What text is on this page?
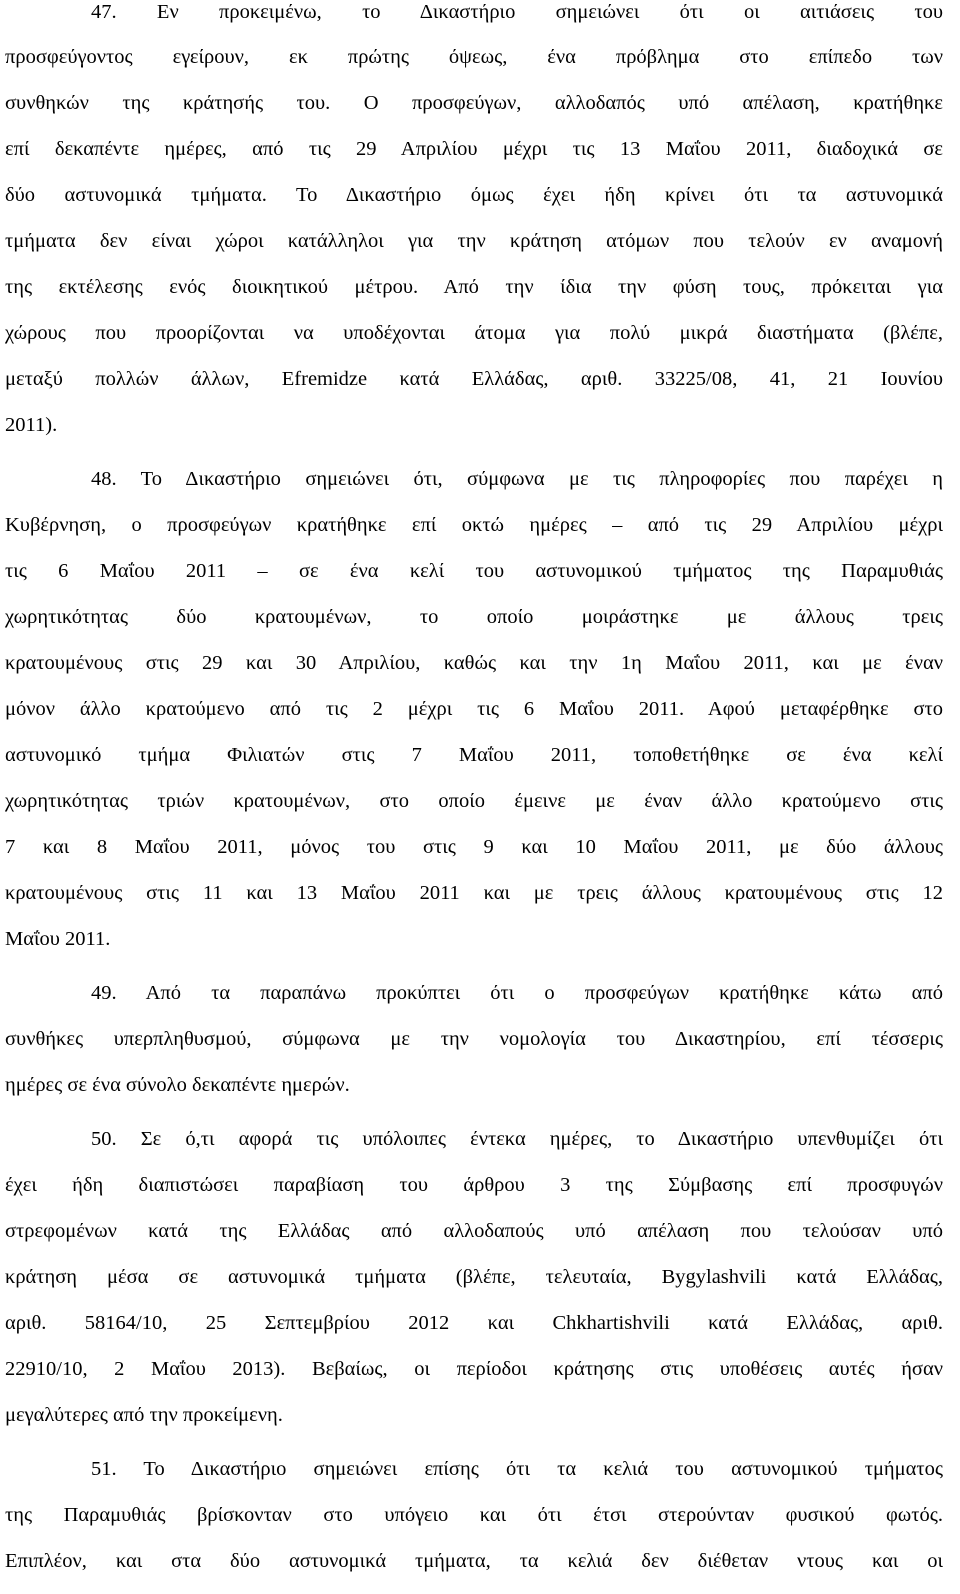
47. Εν προκειμένω, το Δικαστήριο σημειώνει ότι οι αιτιάσεις του
προσφεύγοντος εγείρουν, εκ πρώτης όψεως, ένα πρόβλημα στο επίπεδο των
συνθηκών της κράτησής του. Ο προσφεύγων, αλλοδαπός υπό απέλαση, κρατήθηκε
επί δεκαπέντε ημέρες, από τις 29 Απριλίου μέχρι τις 13 Μαΐου 2011, διαδοχικά σε
δύο αστυνομικά τμήματα. Το Δικαστήριο όμως έχει ήδη κρίνει ότι τα αστυνομικά
τμήματα δεν είναι χώροι κατάλληλοι για την κράτηση ατόμων που τελούν εν αναμονή
της εκτέλεσης ενός διοικητικού μέτρου. Από την ίδια την φύση τους, πρόκειται για
χώρους που προορίζονται να υποδέχονται άτομα για πολύ μικρά διαστήματα (βλέπε,
μεταξύ πολλών άλλων, Efremidze κατά Ελλάδας, αριθ. 33225/08, 41, 21 Ιουνίου
2011).
48. Το Δικαστήριο σημειώνει ότι, σύμφωνα με τις πληροφορίες που παρέχει η
Κυβέρνηση, ο προσφεύγων κρατήθηκε επί οκτώ ημέρες – από τις 29 Απριλίου μέχρι
τις 6 Μαΐου 2011 – σε ένα κελί του αστυνομικού τμήματος της Παραμυθιάς
χωρητικότητας δύο κρατουμένων, το οποίο μοιράστηκε με άλλους τρεις
κρατουμένους στις 29 και 30 Απριλίου, καθώς και την 1η Μαΐου 2011, και με έναν
μόνον άλλο κρατούμενο από τις 2 μέχρι τις 6 Μαΐου 2011. Αφού μεταφέρθηκε στο
αστυνομικό τμήμα Φιλιατών στις 7 Μαΐου 2011, τοποθετήθηκε σε ένα κελί
χωρητικότητας τριών κρατουμένων, στο οποίο έμεινε με έναν άλλο κρατούμενο στις
7 και 8 Μαΐου 2011, μόνος του στις 9 και 10 Μαΐου 2011, με δύο άλλους
κρατουμένους στις 11 και 13 Μαΐου 2011 και με τρεις άλλους κρατουμένους στις 12
Μαΐου 2011.
49. Από τα παραπάνω προκύπτει ότι ο προσφεύγων κρατήθηκε κάτω από
συνθήκες υπερπληθυσμού, σύμφωνα με την νομολογία του Δικαστηρίου, επί τέσσερις
ημέρες σε ένα σύνολο δεκαπέντε ημερών.
50. Σε ό,τι αφορά τις υπόλοιπες έντεκα ημέρες, το Δικαστήριο υπενθυμίζει ότι
έχει ήδη διαπιστώσει παραβίαση του άρθρου 3 της Σύμβασης επί προσφυγών
στρεφομένων κατά της Ελλάδας από αλλοδαπούς υπό απέλαση που τελούσαν υπό
κράτηση μέσα σε αστυνομικά τμήματα (βλέπε, τελευταία, Bygylashvili κατά Ελλάδας,
αριθ. 58164/10, 25 Σεπτεμβρίου 2012 και Chkhartishvili κατά Ελλάδας, αριθ.
22910/10, 2 Μαΐου 2013). Βεβαίως, οι περίοδοι κράτησης στις υποθέσεις αυτές ήσαν
μεγαλύτερες από την προκείμενη.
51. Το Δικαστήριο σημειώνει επίσης ότι τα κελιά του αστυνομικού τμήματος
της Παραμυθιάς βρίσκονταν στο υπόγειο και ότι έτσι στερούνταν φυσικού φωτός.
Επιπλέον, και στα δύο αστυνομικά τμήματα, τα κελιά δεν διέθεταν ντους και οι
